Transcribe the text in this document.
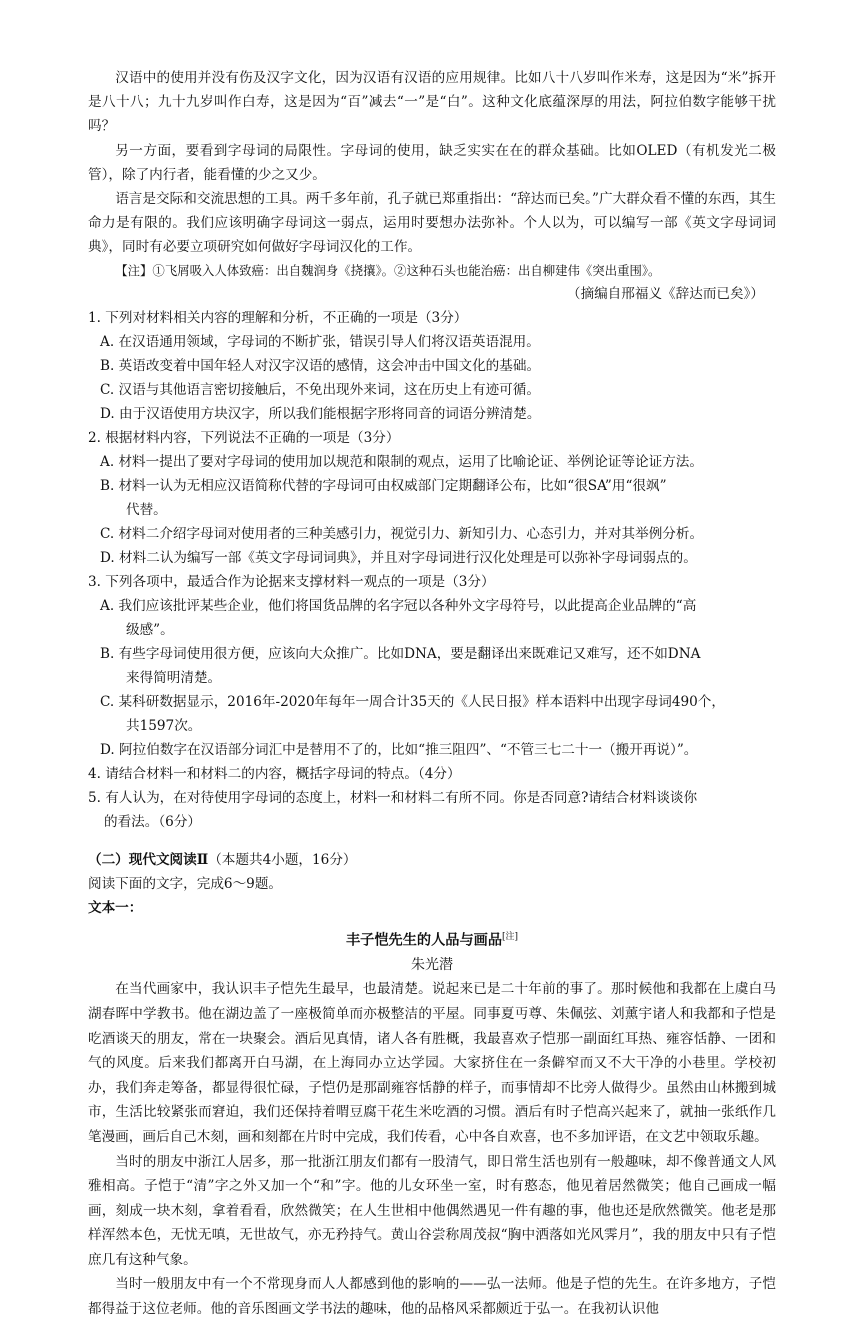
汉语中的使用并没有伤及汉字文化，因为汉语有汉语的应用规律。比如八十八岁叫作米寿，这是因为“米”拆开是八十八；九十九岁叫作白寿，这是因为“百”减去“一”是“白”。这种文化底蕴深厚的用法，阿拉伯数字能够干扰吗？

另一方面，要看到字母词的局限性。字母词的使用，缺乏实实在在的群众基础。比如OLED（有机发光二极管），除了内行者，能看懂的少之又少。

语言是交际和交流思想的工具。两千多年前，孔子就已郑重指出：“辞达而已矣。”广大群众看不懂的东西，其生命力是有限的。我们应该明确字母词这一弱点，运用时要想办法弥补。个人以为，可以编写一部《英文字母词词典》，同时有必要立项研究如何做好字母词汉化的工作。

【注】①飞屑吸入人体致癌：出自魏润身《挠攘》。②这种石头也能治癌：出自柳建伟《突出重围》。

（摘编自邢福义《辞达而已矣》）

1. 下列对材料相关内容的理解和分析，不正确的一项是（3分）
A. 在汉语通用领域，字母词的不断扩张，错误引导人们将汉语英语混用。
B. 英语改变着中国年轻人对汉字汉语的感情，这会冲击中国文化的基础。
C. 汉语与其他语言密切接触后，不免出现外来词，这在历史上有迹可循。
D. 由于汉语使用方块汉字，所以我们能根据字形将同音的词语分辨清楚。
2. 根据材料内容，下列说法不正确的一项是（3分）
A. 材料一提出了要对字母词的使用加以规范和限制的观点，运用了比喻论证、举例论证等论证方法。
B. 材料一认为无相应汉语简称代替的字母词可由权威部门定期翻译公布，比如“很SA”用“很飒”
代替。
C. 材料二介绍字母词对使用者的三种美感引力，视觉引力、新知引力、心态引力，并对其举例分析。
D. 材料二认为编写一部《英文字母词词典》，并且对字母词进行汉化处理是可以弥补字母词弱点的。
3. 下列各项中，最适合作为论据来支撑材料一观点的一项是（3分）
A. 我们应该批评某些企业，他们将国货品牌的名字冠以各种外文字母符号，以此提高企业品牌的“高
级感”。
B. 有些字母词使用很方便，应该向大众推广。比如DNA，要是翻译出来既难记又难写，还不如DNA
来得简明清楚。
C. 某科研数据显示，2016年-2020年每年一周合计35天的《人民日报》样本语料中出现字母词490个，
共1597次。
D. 阿拉伯数字在汉语部分词汇中是替用不了的，比如“推三阻四”、“不管三七二十一（搬开再说）”。
4. 请结合材料一和材料二的内容，概括字母词的特点。（4分）
5. 有人认为，在对待使用字母词的态度上，材料一和材料二有所不同。你是否同意?请结合材料谈谈你
的看法。（6分）
（二）现代文阅读Ⅱ（本题共4小题，16分）
阅读下面的文字，完成6～9题。
文本一：
丰子恺先生的人品与画品[注]
朱光潜

在当代画家中，我认识丰子恺先生最早，也最清楚。说起来已是二十年前的事了。那时候他和我都在上虞白马湖春晖中学教书。他在湖边盖了一座极简单而亦极整洁的平屋。同事夏丏尊、朱佩弦、刘薰宇诸人和我都和子恺是吃酒谈天的朋友，常在一块聚会。酒后见真情，诸人各有胜概，我最喜欢子恺那一副面红耳热、雍容恬静、一团和气的风度。后来我们都离开白马湖，在上海同办立达学园。大家挤住在一条僻窄而又不大干净的小巷里。学校初办，我们奔走筹备，都显得很忙碌，子恺仍是那副雍容恬静的样子，而事情却不比旁人做得少。虽然由山林搬到城市，生活比较紧张而窘迫，我们还保持着喟豆腐干花生米吃酒的习惯。酒后有时子恺高兴起来了，就抽一张纸作几笔漫画，画后自己木刻，画和刻都在片时中完成，我们传看，心中各自欢喜，也不多加评语，在文艺中领取乐趣。

当时的朋友中浙江人居多，那一批浙江朋友们都有一股清气，即日常生活也别有一般趣味，却不像普通文人风雅相高。子恺于“清”字之外又加一个“和”字。他的儿女环坐一室，时有憨态，他见着居然微笑；他自己画成一幅画，刻成一块木刻，拿着看看，欣然微笑；在人生世相中他偶然遇见一件有趣的事，他也还是欣然微笑。他老是那样浑然本色，无忧无嗔，无世故气，亦无矜持气。黄山谷尝称周茂叔“胸中洒落如光风霁月”，我的朋友中只有子恺庶几有这种气象。

当时一般朋友中有一个不常现身而人人都感到他的影响的——弘一法师。他是子恺的先生。在许多地方，子恺都得益于这位老师。他的音乐图画文学书法的趣味，他的品格风采都颇近于弘一。在我初认识他
